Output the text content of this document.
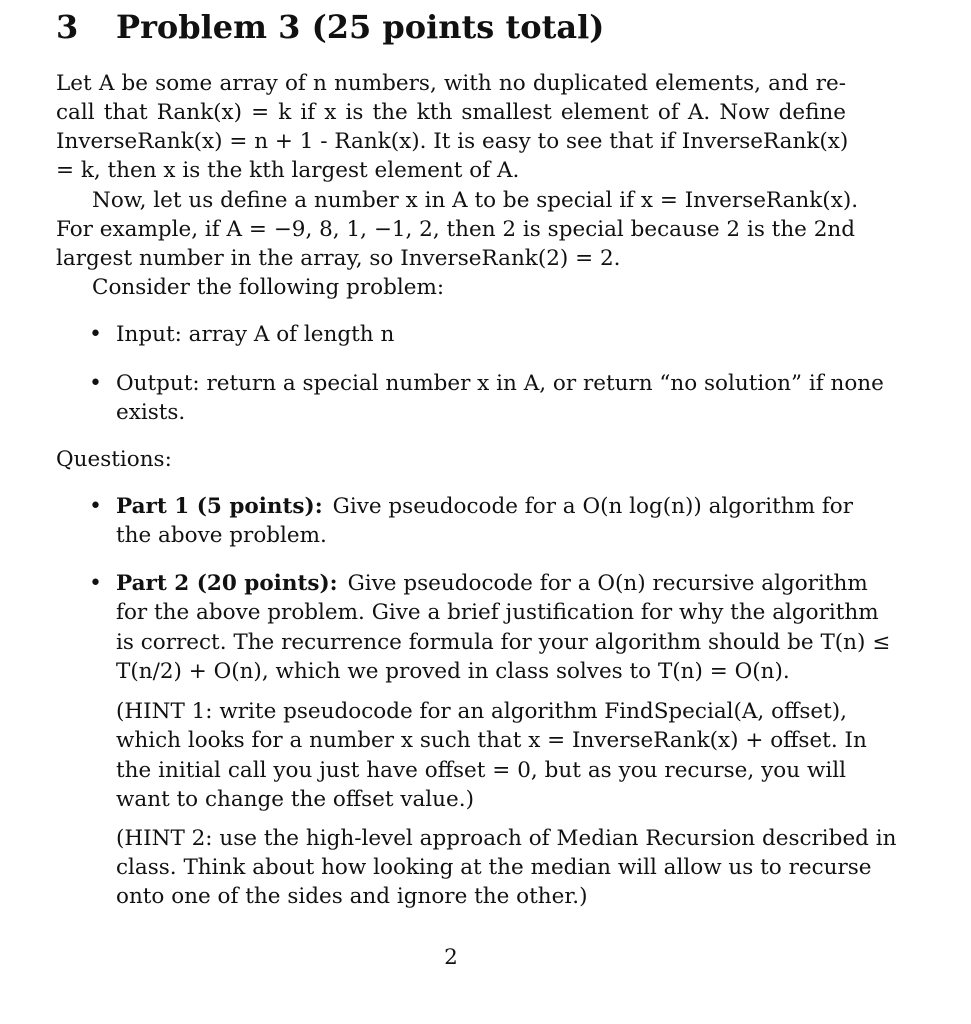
3 Problem 3 (25 points total)
Let A be some array of n numbers, with no duplicated elements, and re-
call that Rank(x) = k if x is the kth smallest element of A. Now define
InverseRank(x) = n + 1 - Rank(x). It is easy to see that if InverseRank(x)
= k, then x is the kth largest element of A.
Now, let us define a number x in A to be special if x = InverseRank(x).
For example, if A = −9, 8, 1, −1, 2, then 2 is special because 2 is the 2nd
largest number in the array, so InverseRank(2) = 2.
Consider the following problem:
• Input: array A of length n
• Output: return a special number x in A, or return “no solution” if none
exists.
Questions:
• Part 1 (5 points): Give pseudocode for a O(n log(n)) algorithm for
the above problem.
• Part 2 (20 points): Give pseudocode for a O(n) recursive algorithm
for the above problem. Give a brief justification for why the algorithm
is correct. The recurrence formula for your algorithm should be T(n) ≤
T(n/2) + O(n), which we proved in class solves to T(n) = O(n).
(HINT 1: write pseudocode for an algorithm FindSpecial(A, offset),
which looks for a number x such that x = InverseRank(x) + offset. In
the initial call you just have offset = 0, but as you recurse, you will
want to change the offset value.)
(HINT 2: use the high-level approach of Median Recursion described in
class. Think about how looking at the median will allow us to recurse
onto one of the sides and ignore the other.)
2
